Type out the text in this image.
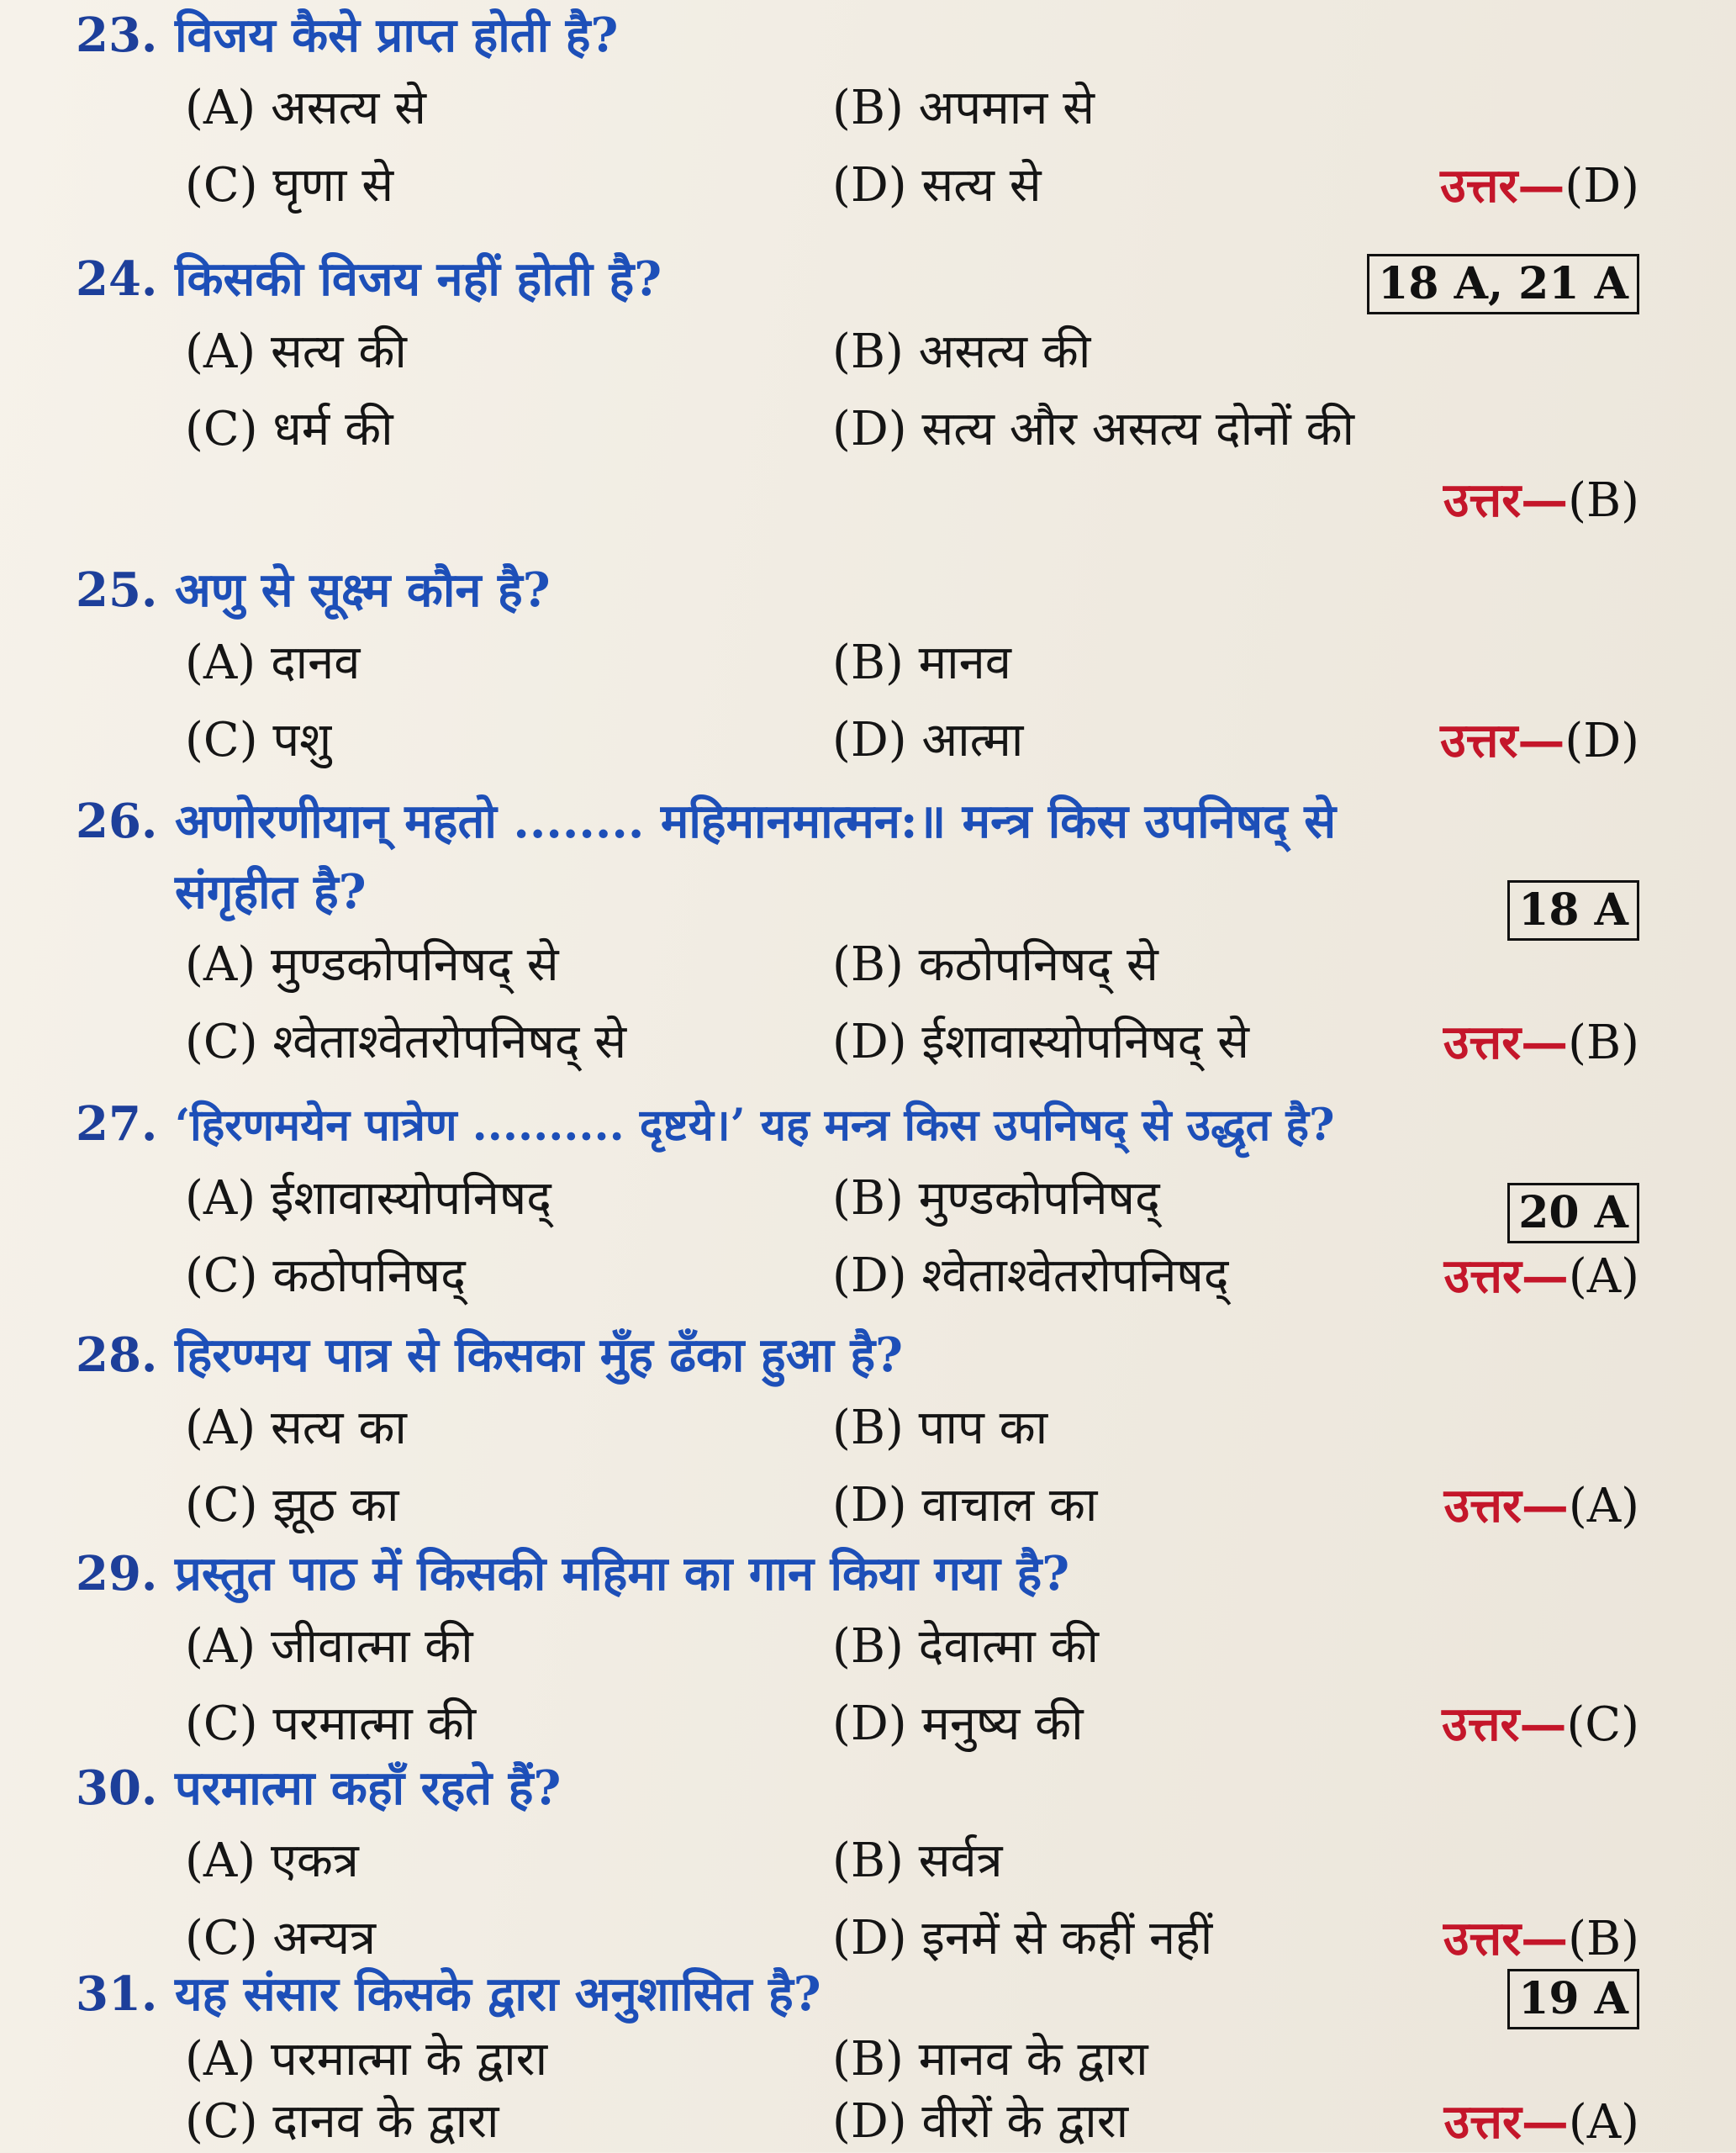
23. विजय कैसे प्राप्त होती है?
(A) असत्य से	(B) अपमान से
(C) घृणा से	(D) सत्य से	उत्तर—(D)
24. किसकी विजय नहीं होती है?	18 A, 21 A
(A) सत्य की	(B) असत्य की
(C) धर्म की	(D) सत्य और असत्य दोनों की
उत्तर—(B)
25. अणु से सूक्ष्म कौन है?
(A) दानव	(B) मानव
(C) पशु	(D) आत्मा	उत्तर—(D)
26. अणोरणीयान् महतो ........ महिमानमात्मन:॥ मन्त्र किस उपनिषद् से
संगृहीत है?	18 A
(A) मुण्डकोपनिषद् से	(B) कठोपनिषद् से
(C) श्वेताश्वेतरोपनिषद् से	(D) ईशावास्योपनिषद् से	उत्तर—(B)
27. ‘हिरणमयेन पात्रेण .......... दृष्टये।’ यह मन्त्र किस उपनिषद् से उद्धृत है?
20 A
(A) ईशावास्योपनिषद्	(B) मुण्डकोपनिषद्
(C) कठोपनिषद्	(D) श्वेताश्वेतरोपनिषद्	उत्तर—(A)
28. हिरण्मय पात्र से किसका मुँह ढँका हुआ है?
(A) सत्य का	(B) पाप का
(C) झूठ का	(D) वाचाल का	उत्तर—(A)
29. प्रस्तुत पाठ में किसकी महिमा का गान किया गया है?
(A) जीवात्मा की	(B) देवात्मा की
(C) परमात्मा की	(D) मनुष्य की	उत्तर—(C)
30. परमात्मा कहाँ रहते हैं?
(A) एकत्र	(B) सर्वत्र
(C) अन्यत्र	(D) इनमें से कहीं नहीं	उत्तर—(B)
31. यह संसार किसके द्वारा अनुशासित है?	19 A
(A) परमात्मा के द्वारा	(B) मानव के द्वारा
(C) दानव के द्वारा	(D) वीरों के द्वारा	उत्तर—(A)
